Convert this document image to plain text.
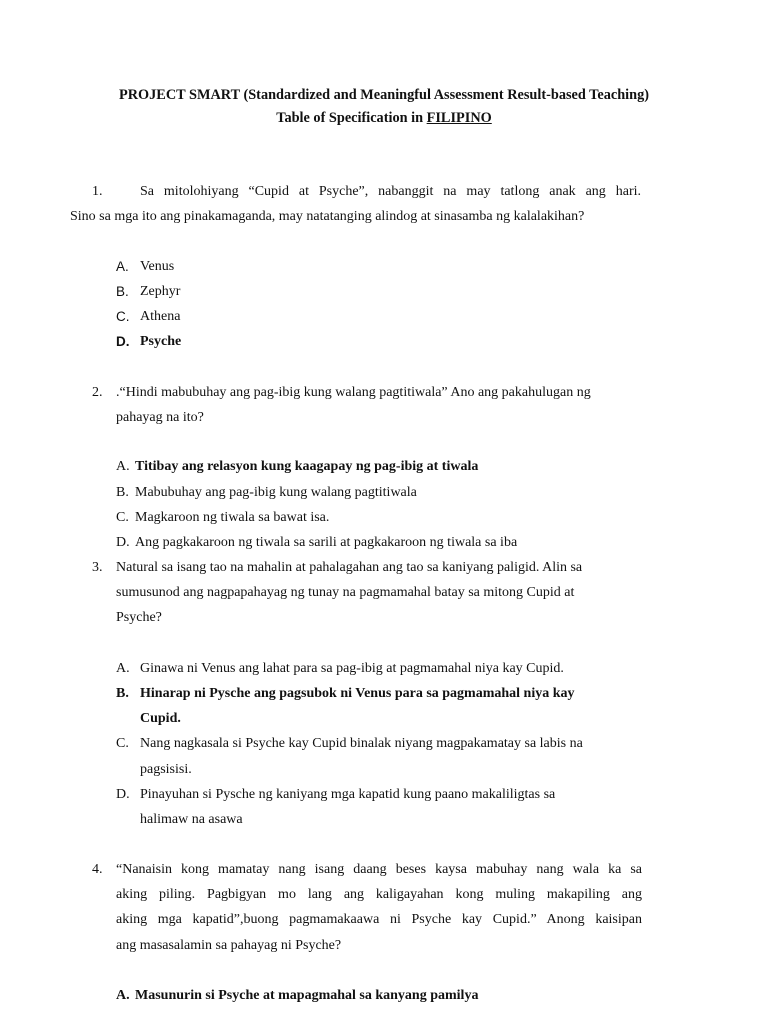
PROJECT SMART (Standardized and Meaningful Assessment Result-based Teaching)
Table of Specification in FILIPINO
1.	Sa mitolohiyang “Cupid at Psyche”, nabanggit na may tatlong anak ang hari.
Sino sa mga ito ang pinakamaganda, may natatanging alindog at sinasamba ng kalalakihan?
A. Venus
B. Zephyr
C. Athena
D. Psyche
2. .“Hindi mabubuhay ang pag-ibig kung walang pagtitiwala” Ano ang pakahulugan ng
pahayag na ito?
A. Titibay ang relasyon kung kaagapay ng pag-ibig at tiwala
B. Mabubuhay ang pag-ibig kung walang pagtitiwala
C. Magkaroon ng tiwala sa bawat isa.
D. Ang pagkakaroon ng tiwala sa sarili at pagkakaroon ng tiwala sa iba
3. Natural sa isang tao na mahalin at pahalagahan ang tao sa kaniyang paligid. Alin sa
sumusunod ang nagpapahayag ng tunay na pagmamahal batay sa mitong Cupid at
Psyche?
A. Ginawa ni Venus ang lahat para sa pag-ibig at pagmamahal niya kay Cupid.
B. Hinarap ni Pysche ang pagsubok ni Venus para sa pagmamahal niya kay
Cupid.
C. Nang nagkasala si Psyche kay Cupid binalak niyang magpakamatay sa labis na
pagsisisi.
D. Pinayuhan si Pysche ng kaniyang mga kapatid kung paano makaliligtas sa
halimaw na asawa
4. “Nanaisin kong mamatay nang isang daang beses kaysa mabuhay nang wala ka sa
aking piling. Pagbigyan mo lang ang kaligayahan kong muling makapiling ang
aking mga kapatid”,buong pagmamakaawa ni Psyche kay Cupid.” Anong kaisipan
ang masasalamin sa pahayag ni Psyche?
A. Masunurin si Psyche at mapagmahal sa kanyang pamilya
